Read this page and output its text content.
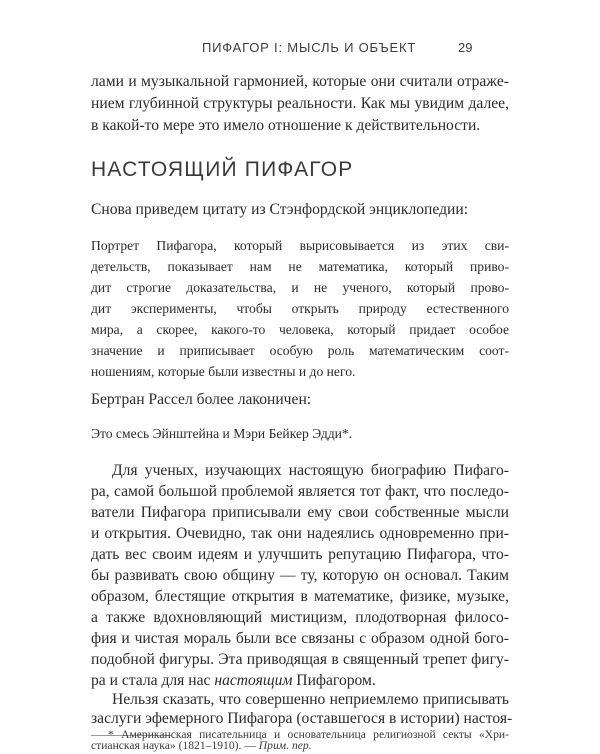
ПИФАГОР I: МЫСЛЬ И ОБЪЕКТ	29
лами и музыкальной гармонией, которые они считали отраже-
нием глубинной структуры реальности. Как мы увидим далее,
в какой-то мере это имело отношение к действительности.
НАСТОЯЩИЙ ПИФАГОР
Снова приведем цитату из Стэнфордской энциклопедии:
Портрет Пифагора, который вырисовывается из этих сви-
детельств, показывает нам не математика, который приво-
дит строгие доказательства, и не ученого, который прово-
дит эксперименты, чтобы открыть природу естественного
мира, а скорее, какого-то человека, который придает особое
значение и приписывает особую роль математическим соот-
ношениям, которые были известны и до него.
Бертран Рассел более лаконичен:
Это смесь Эйнштейна и Мэри Бейкер Эдди*.
Для ученых, изучающих настоящую биографию Пифаго-
ра, самой большой проблемой является тот факт, что последо-
ватели Пифагора приписывали ему свои собственные мысли
и открытия. Очевидно, так они надеялись одновременно при-
дать вес своим идеям и улучшить репутацию Пифагора, что-
бы развивать свою общину — ту, которую он основал. Таким
образом, блестящие открытия в математике, физике, музыке,
а также вдохновляющий мистицизм, плодотворная филосо-
фия и чистая мораль были все связаны с образом одной бого-
подобной фигуры. Эта приводящая в священный трепет фигу-
ра и стала для нас настоящим Пифагором.
Нельзя сказать, что совершенно неприемлемо приписывать
заслуги эфемерного Пифагора (оставшегося в истории) настоя-
* Американская писательница и основательница религиозной секты «Хри-
стианская наука» (1821–1910). — Прим. пер.
